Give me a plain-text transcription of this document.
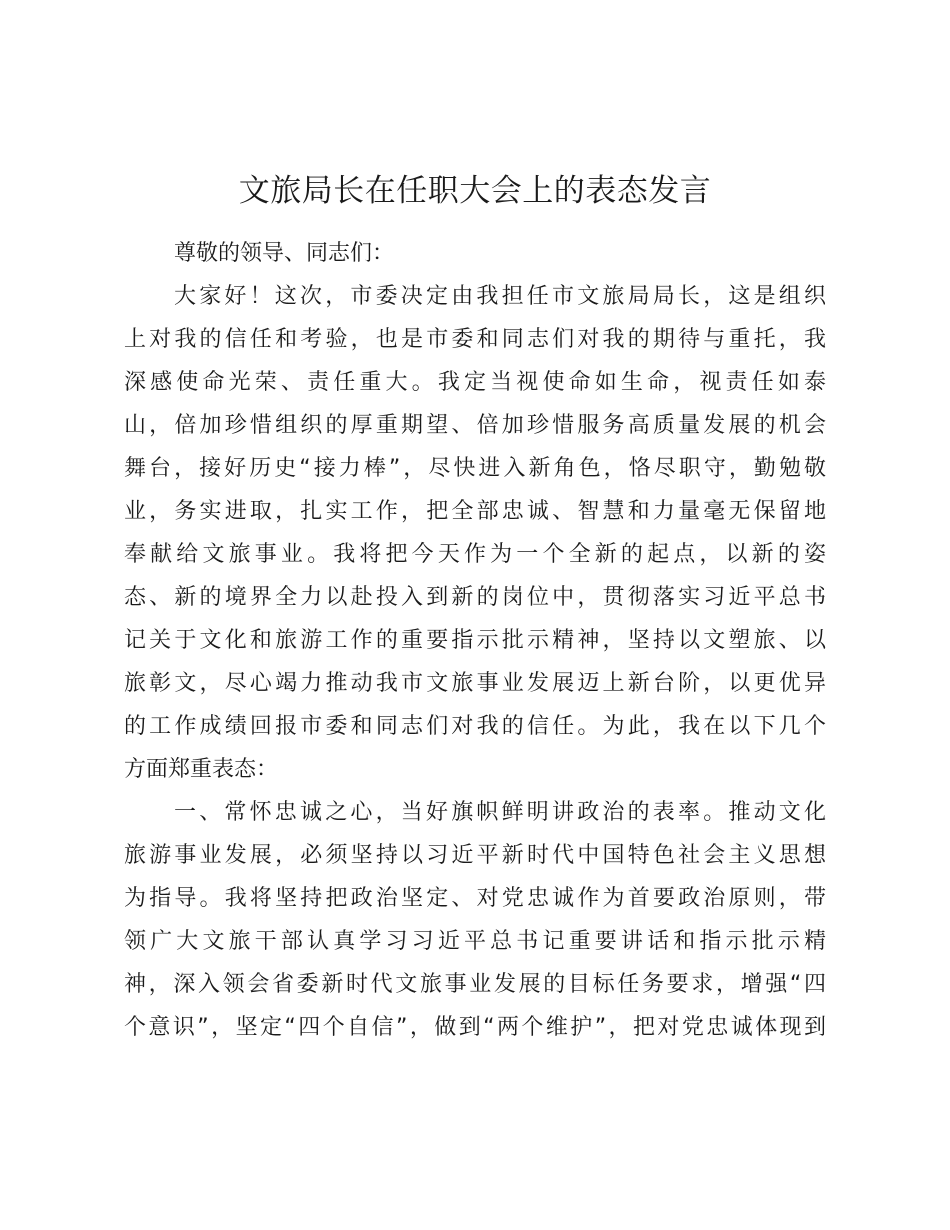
文旅局长在任职大会上的表态发言
尊敬的领导、同志们：
大家好！这次，市委决定由我担任市文旅局局长，这是组织
上对我的信任和考验，也是市委和同志们对我的期待与重托，我
深感使命光荣、责任重大。我定当视使命如生命，视责任如泰
山，倍加珍惜组织的厚重期望、倍加珍惜服务高质量发展的机会
舞台，接好历史“接力棒”，尽快进入新角色，恪尽职守，勤勉敬
业，务实进取，扎实工作，把全部忠诚、智慧和力量毫无保留地
奉献给文旅事业。我将把今天作为一个全新的起点，以新的姿
态、新的境界全力以赴投入到新的岗位中，贯彻落实习近平总书
记关于文化和旅游工作的重要指示批示精神，坚持以文塑旅、以
旅彰文，尽心竭力推动我市文旅事业发展迈上新台阶，以更优异
的工作成绩回报市委和同志们对我的信任。为此，我在以下几个
方面郑重表态：
一、常怀忠诚之心，当好旗帜鲜明讲政治的表率。推动文化
旅游事业发展，必须坚持以习近平新时代中国特色社会主义思想
为指导。我将坚持把政治坚定、对党忠诚作为首要政治原则，带
领广大文旅干部认真学习习近平总书记重要讲话和指示批示精
神，深入领会省委新时代文旅事业发展的目标任务要求，增强“四
个意识”，坚定“四个自信”，做到“两个维护”，把对党忠诚体现到
